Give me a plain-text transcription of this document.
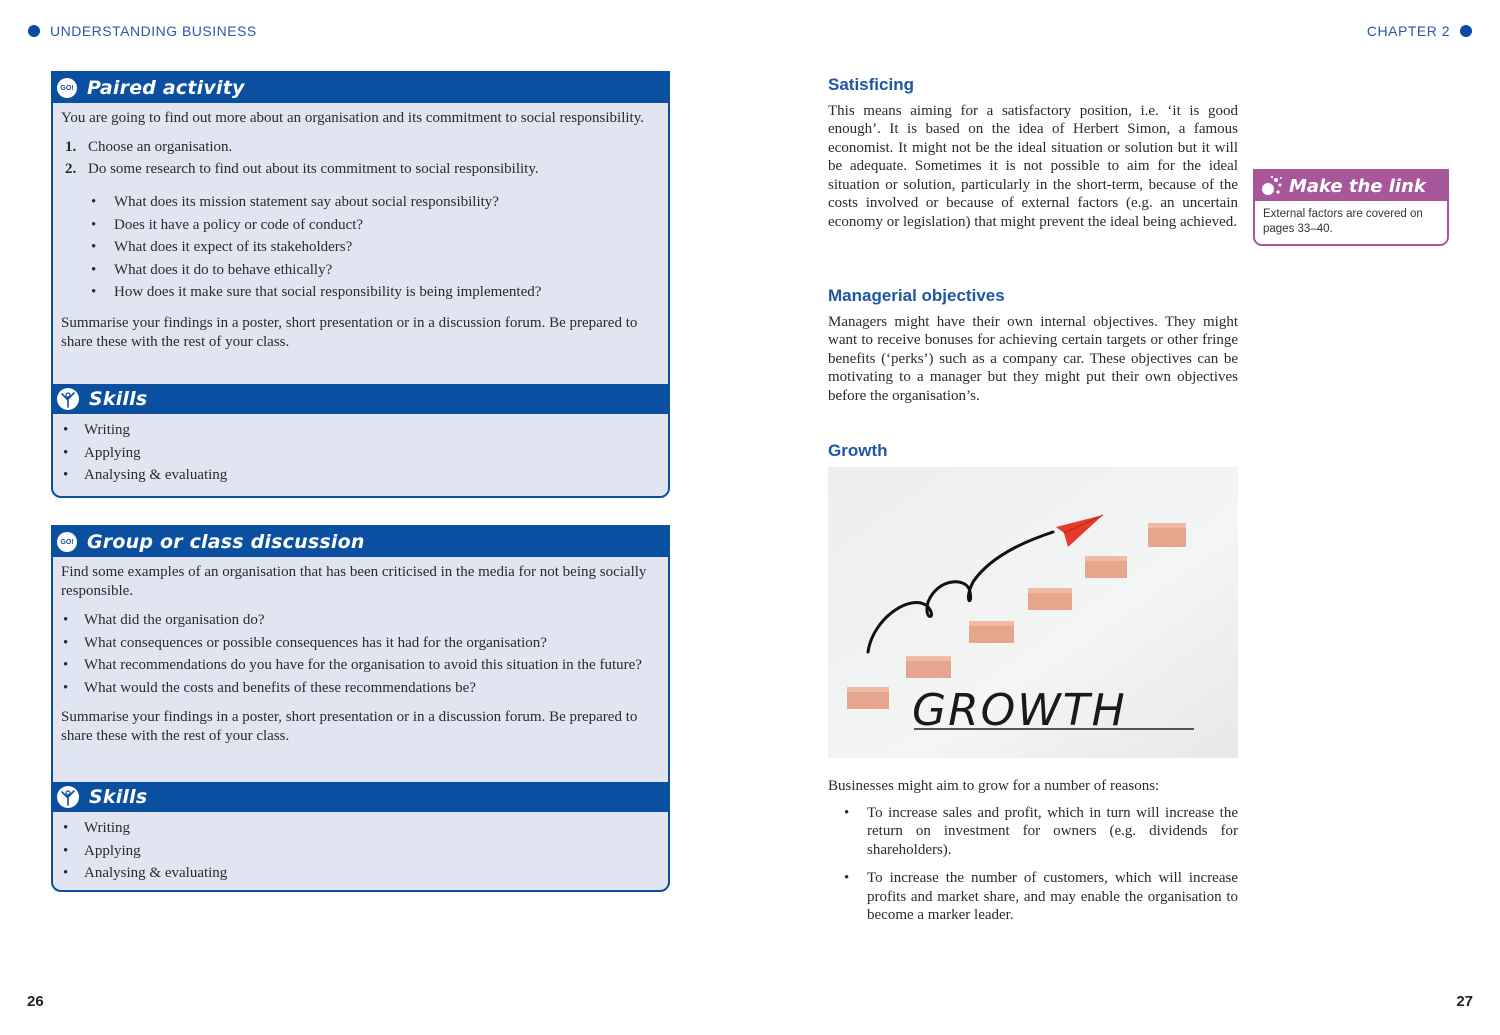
UNDERSTANDING BUSINESS	CHAPTER 2
GO! Paired activity

You are going to find out more about an organisation and its commitment to social responsibility.

1. Choose an organisation.
2. Do some research to find out about its commitment to social responsibility.
• What does its mission statement say about social responsibility?
• Does it have a policy or code of conduct?
• What does it expect of its stakeholders?
• What does it do to behave ethically?
• How does it make sure that social responsibility is being implemented?

Summarise your findings in a poster, short presentation or in a discussion forum. Be prepared to share these with the rest of your class.

Skills
• Writing
• Applying
• Analysing & evaluating
GO! Group or class discussion

Find some examples of an organisation that has been criticised in the media for not being socially responsible.

• What did the organisation do?
• What consequences or possible consequences has it had for the organisation?
• What recommendations do you have for the organisation to avoid this situation in the future?
• What would the costs and benefits of these recommendations be?

Summarise your findings in a poster, short presentation or in a discussion forum. Be prepared to share these with the rest of your class.

Skills
• Writing
• Applying
• Analysing & evaluating
Satisficing

This means aiming for a satisfactory position, i.e. ‘it is good enough’. It is based on the idea of Herbert Simon, a famous economist. It might not be the ideal situation or solution but it will be adequate. Sometimes it is not possible to aim for the ideal situation or solution, particularly in the short-term, because of the costs involved or because of external factors (e.g. an uncertain economy or legislation) that might prevent the ideal being achieved.

Make the link
External factors are covered on pages 33–40.
Managerial objectives

Managers might have their own internal objectives. They might want to receive bonuses for achieving certain targets or other fringe benefits (‘perks’) such as a company car. These objectives can be motivating to a manager but they might put their own objectives before the organisation’s.

Growth
GROWTH

Businesses might aim to grow for a number of reasons:

• To increase sales and profit, which in turn will increase the return on investment for owners (e.g. dividends for shareholders).
• To increase the number of customers, which will increase profits and market share, and may enable the organisation to become a marker leader.
26	27
